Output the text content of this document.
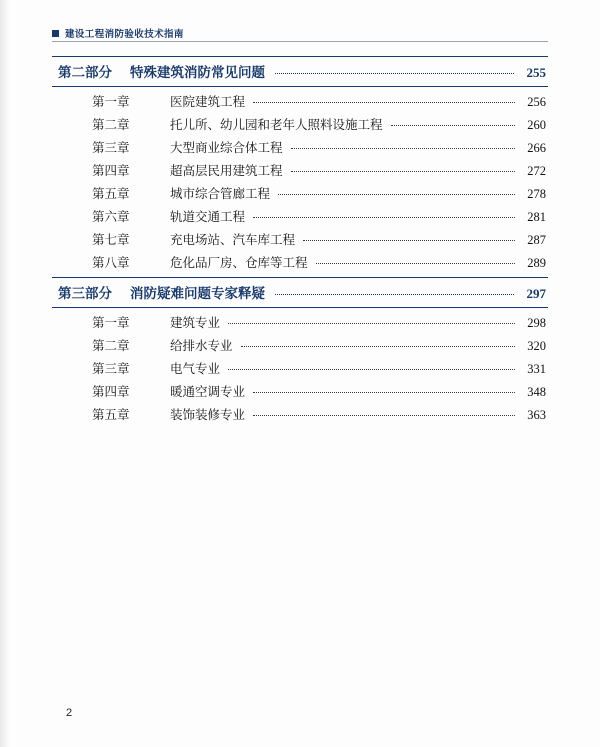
建设工程消防验收技术指南
第二部分	特殊建筑消防常见问题	255
第一章	医院建筑工程	256
第二章	托儿所、幼儿园和老年人照料设施工程	260
第三章	大型商业综合体工程	266
第四章	超高层民用建筑工程	272
第五章	城市综合管廊工程	278
第六章	轨道交通工程	281
第七章	充电场站、汽车库工程	287
第八章	危化品厂房、仓库等工程	289
第三部分	消防疑难问题专家释疑	297
第一章	建筑专业	298
第二章	给排水专业	320
第三章	电气专业	331
第四章	暖通空调专业	348
第五章	装饰装修专业	363
2
